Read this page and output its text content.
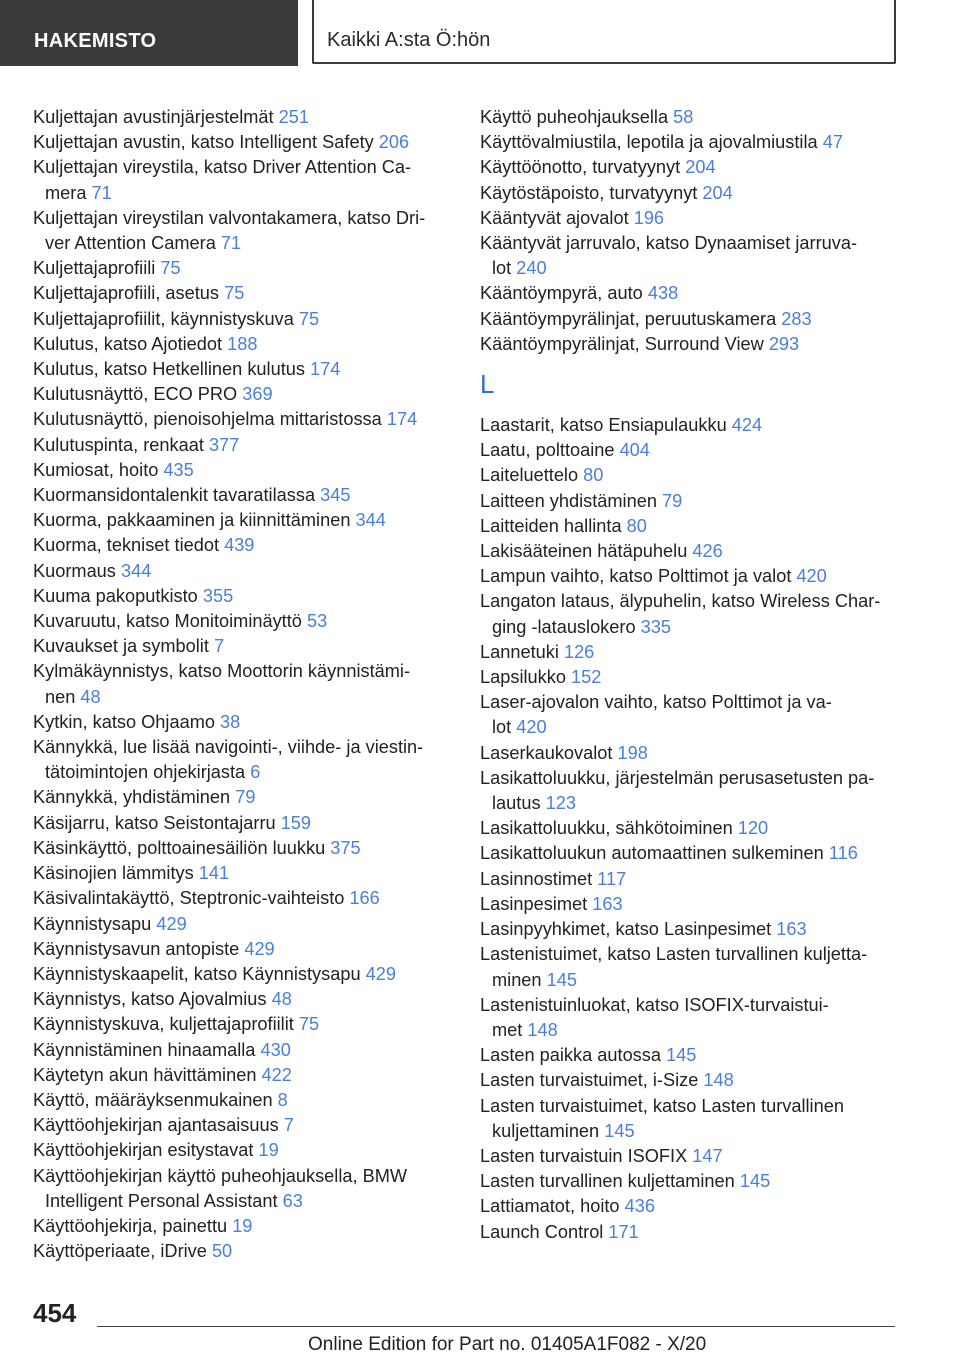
HAKEMISTO	Kaikki A:sta Ö:hön
Kuljettajan avustinjärjestelmät 251
Kuljettajan avustin, katso Intelligent Safety 206
Kuljettajan vireystila, katso Driver Attention Ca-
mera 71
Kuljettajan vireystilan valvontakamera, katso Dri-
ver Attention Camera 71
Kuljettajaprofiili 75
Kuljettajaprofiili, asetus 75
Kuljettajaprofiilit, käynnistyskuva 75
Kulutus, katso Ajotiedot 188
Kulutus, katso Hetkellinen kulutus 174
Kulutusnäyttö, ECO PRO 369
Kulutusnäyttö, pienoisohjelma mittaristossa 174
Kulutuspinta, renkaat 377
Kumiosat, hoito 435
Kuormansidontalenkit tavaratilassa 345
Kuorma, pakkaaminen ja kiinnittäminen 344
Kuorma, tekniset tiedot 439
Kuormaus 344
Kuuma pakoputkisto 355
Kuvaruutu, katso Monitoiminäyttö 53
Kuvaukset ja symbolit 7
Kylmäkäynnistys, katso Moottorin käynnistämi-
nen 48
Kytkin, katso Ohjaamo 38
Kännykkä, lue lisää navigointi-, viihde- ja viestin-
tätoimintojen ohjekirjasta 6
Kännykkä, yhdistäminen 79
Käsijarru, katso Seistontajarru 159
Käsinkäyttö, polttoainesäiliön luukku 375
Käsinojien lämmitys 141
Käsivalintakäyttö, Steptronic-vaihteisto 166
Käynnistysapu 429
Käynnistysavun antopiste 429
Käynnistyskaapelit, katso Käynnistysapu 429
Käynnistys, katso Ajovalmius 48
Käynnistyskuva, kuljettajaprofiilit 75
Käynnistäminen hinaamalla 430
Käytetyn akun hävittäminen 422
Käyttö, määräyksenmukainen 8
Käyttöohjekirjan ajantasaisuus 7
Käyttöohjekirjan esitystavat 19
Käyttöohjekirjan käyttö puheohjauksella, BMW
Intelligent Personal Assistant 63
Käyttöohjekirja, painettu 19
Käyttöperiaate, iDrive 50
Käyttö puheohjauksella 58
Käyttövalmiustila, lepotila ja ajovalmiustila 47
Käyttöönotto, turvatyynyt 204
Käytöstäpoisto, turvatyynyt 204
Kääntyvät ajovalot 196
Kääntyvät jarruvalo, katso Dynaamiset jarruva-
lot 240
Kääntöympyrä, auto 438
Kääntöympyrälinjat, peruutuskamera 283
Kääntöympyrälinjat, Surround View 293
L
Laastarit, katso Ensiapulaukku 424
Laatu, polttoaine 404
Laiteluettelo 80
Laitteen yhdistäminen 79
Laitteiden hallinta 80
Lakisääteinen hätäpuhelu 426
Lampun vaihto, katso Polttimot ja valot 420
Langaton lataus, älypuhelin, katso Wireless Char-
ging -latauslokero 335
Lannetuki 126
Lapsilukko 152
Laser-ajovalon vaihto, katso Polttimot ja va-
lot 420
Laserkaukovalot 198
Lasikattoluukku, järjestelmän perusasetusten pa-
lautus 123
Lasikattoluukku, sähkötoiminen 120
Lasikattoluukun automaattinen sulkeminen 116
Lasinnostimet 117
Lasinpesimet 163
Lasinpyyhkimet, katso Lasinpesimet 163
Lastenistuimet, katso Lasten turvallinen kuljetta-
minen 145
Lastenistuinluokat, katso ISOFIX-turvaistui-
met 148
Lasten paikka autossa 145
Lasten turvaistuimet, i-Size 148
Lasten turvaistuimet, katso Lasten turvallinen
kuljettaminen 145
Lasten turvaistuin ISOFIX 147
Lasten turvallinen kuljettaminen 145
Lattiamatot, hoito 436
Launch Control 171
454
Online Edition for Part no. 01405A1F082 - X/20
